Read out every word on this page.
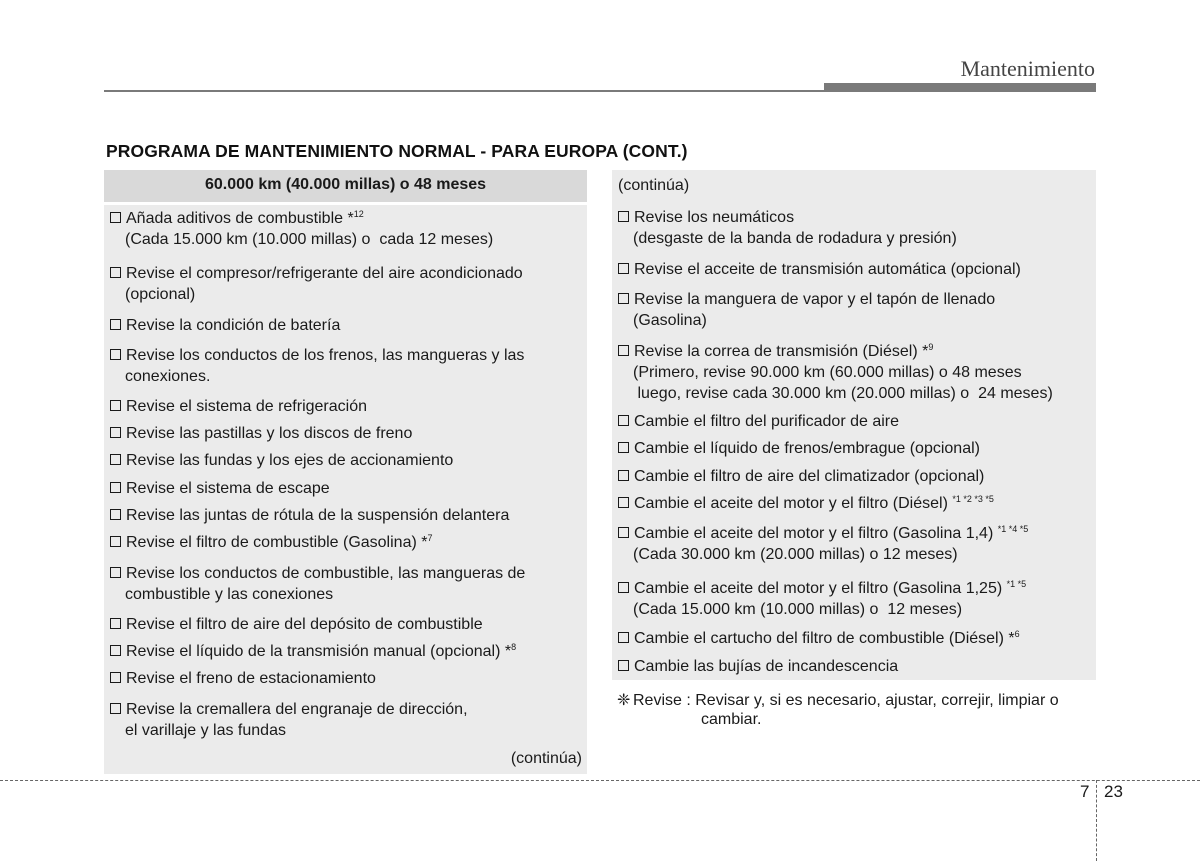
Mantenimiento
PROGRAMA DE MANTENIMIENTO NORMAL - PARA EUROPA (CONT.)
60.000 km (40.000 millas) o 48 meses
Añada aditivos de combustible *$^{12}$
(Cada 15.000 km (10.000 millas) o  cada 12 meses)
Revise el compresor/refrigerante del aire acondicionado
(opcional)
Revise la condición de batería
Revise los conductos de los frenos, las mangueras y las
conexiones.
Revise el sistema de refrigeración
Revise las pastillas y los discos de freno
Revise las fundas y los ejes de accionamiento
Revise el sistema de escape
Revise las juntas de rótula de la suspensión delantera
Revise el filtro de combustible (Gasolina) *$^7$
Revise los conductos de combustible, las mangueras de
combustible y las conexiones
Revise el filtro de aire del depósito de combustible
Revise el líquido de la transmisión manual (opcional) *$^8$
Revise el freno de estacionamiento
Revise la cremallera del engranaje de dirección,
el varillaje y las fundas
(continúa)
(continúa)
Revise los neumáticos
(desgaste de la banda de rodadura y presión)
Revise el acceite de transmisión automática (opcional)
Revise la manguera de vapor y el tapón de llenado
(Gasolina)
Revise la correa de transmisión (Diésel) *$^9$
(Primero, revise 90.000 km (60.000 millas) o 48 meses
luego, revise cada 30.000 km (20.000 millas) o  24 meses)
Cambie el filtro del purificador de aire
Cambie el líquido de frenos/embrague (opcional)
Cambie el filtro de aire del climatizador (opcional)
Cambie el aceite del motor y el filtro (Diésel) $^{*1 *2 *3 *5}$
Cambie el aceite del motor y el filtro (Gasolina 1,4) $^{*1 *4 *5}$
(Cada 30.000 km (20.000 millas) o 12 meses)
Cambie el aceite del motor y el filtro (Gasolina 1,25) $^{*1 *5}$
(Cada 15.000 km (10.000 millas) o  12 meses)
Cambie el cartucho del filtro de combustible (Diésel) *$^6$
Cambie las bujías de incandescencia
❈ Revise : Revisar y, si es necesario, ajustar, correjir, limpiar o
cambiar.
7 23
